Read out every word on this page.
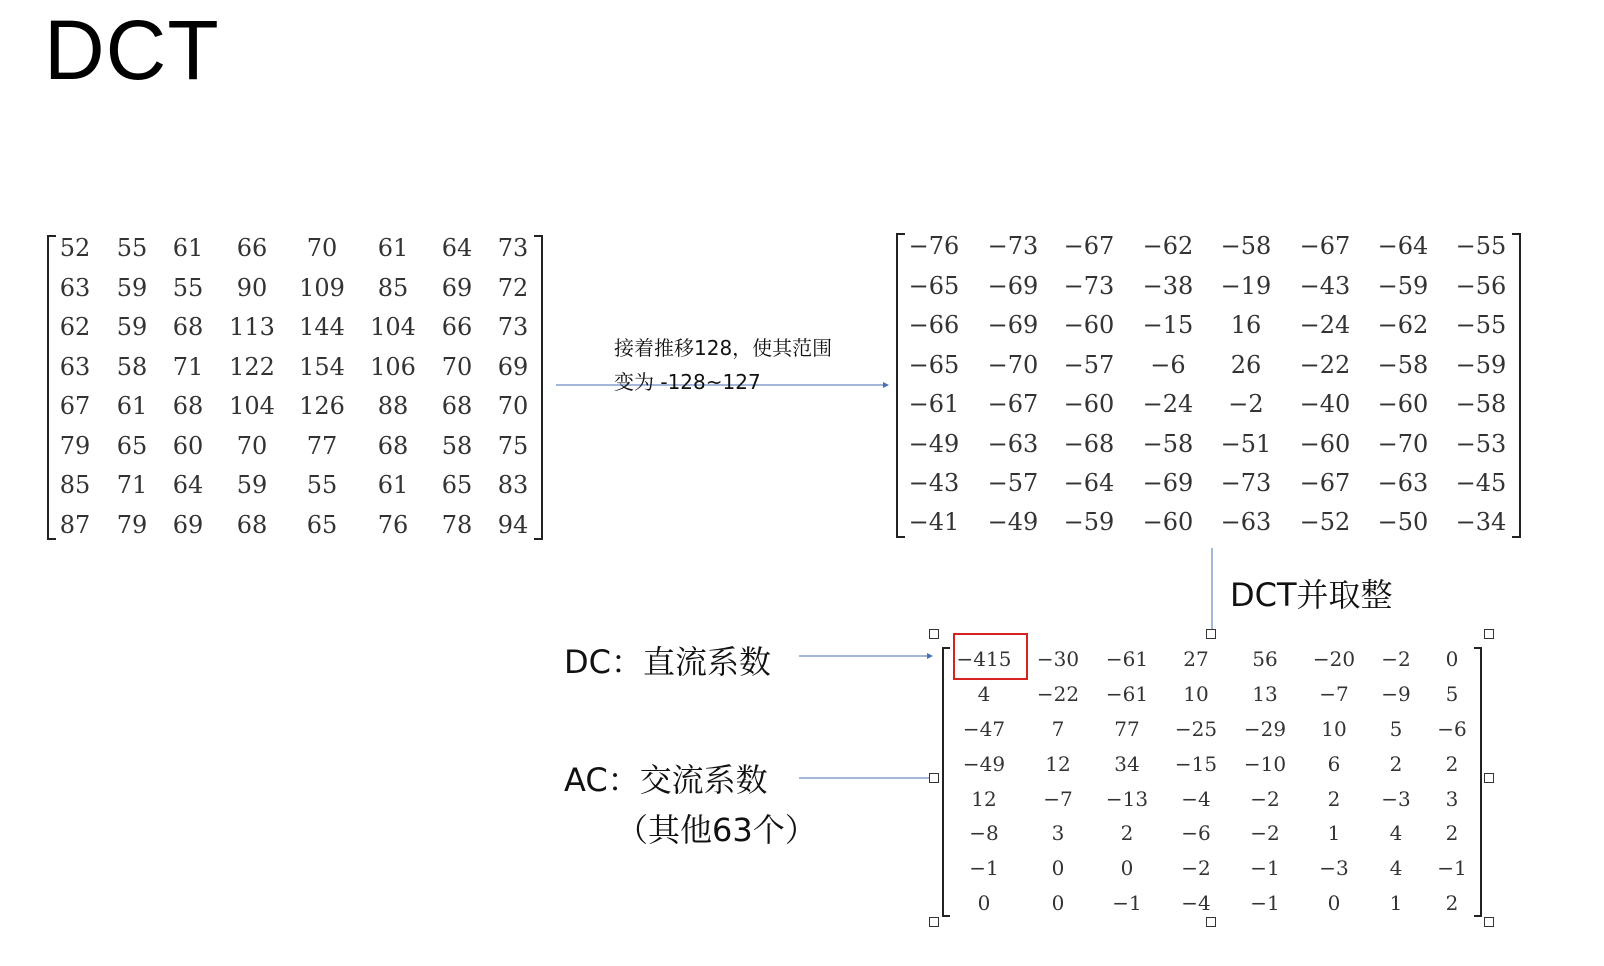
DCT
52 55 61 66 70 61 64 73
63 59 55 90 109 85 69 72
62 59 68 113 144 104 66 73
63 58 71 122 154 106 70 69
67 61 68 104 126 88 68 70
79 65 60 70 77 68 58 75
85 71 64 59 55 61 65 83
87 79 69 68 65 76 78 94
−76 −73 −67 −62 −58 −67 −64 −55
−65 −69 −73 −38 −19 −43 −59 −56
−66 −69 −60 −15 16 −24 −62 −55
−65 −70 −57 −6 26 −22 −58 −59
−61 −67 −60 −24 −2 −40 −60 −58
−49 −63 −68 −58 −51 −60 −70 −53
−43 −57 −64 −69 −73 −67 −63 −45
−41 −49 −59 −60 −63 −52 −50 −34
−415 −30 −61 27 56 −20 −2 0
4 −22 −61 10 13 −7 −9 5
−47 7 77 −25 −29 10 5 −6
−49 12 34 −15 −10 6 2 2
12 −7 −13 −4 −2 2 −3 3
−8	3	2 −6 −2 1 4 2
−1	0	0 −2 −1 −3 4 −1
0	0 −1 −4 −1 0 1 2
接着推移128，使其范围
变为 -128~127
DCT并取整
DC：直流系数
AC：交流系数
（其他63个）
